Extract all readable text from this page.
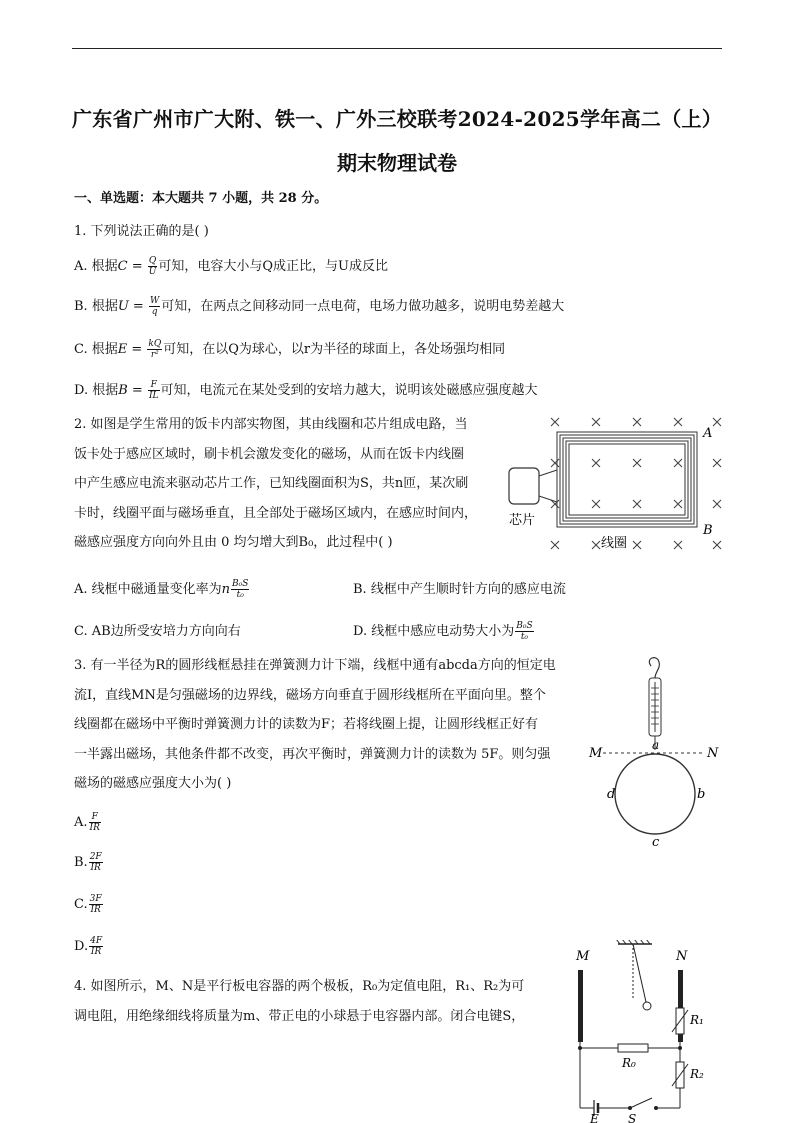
广东省广州市广大附、铁一、广外三校联考2024-2025学年高二（上）
期末物理试卷
一、单选题：本大题共 7 小题，共 28 分。
1. 下列说法正确的是( )
A. 根据$C = \frac{Q}{U}$ 可知，电容大小与Q成正比，与U成反比
B. 根据$U = \frac{W}{q}$ 可知，在两点之间移动同一点电荷，电场力做功越多，说明电势差越大
C. 根据$E = \frac{kQ}{\text{r²}}$ 可知，在以Q为球心，以r为半径的球面上，各处场强均相同
D. 根据$B = \frac{F}{IL}$ 可知，电流元在某处受到的安培力越大，说明该处磁感应强度越大
2. 如图是学生常用的饭卡内部实物图，其由线圈和芯片组成电路，当
饭卡处于感应区域时，刷卡机会激发变化的磁场，从而在饭卡内线圈
中产生感应电流来驱动芯片工作，已知线圈面积为S，共n匝，某次刷
卡时，线圈平面与磁场垂直，且全部处于磁场区域内，在感应时间内，
磁感应强度方向向外且由 0 均匀增大到B₀，此过程中( )
芯片
线圈
A
B
A. 线框中磁通量变化率为n $\frac{\text{B₀S}}{\text{t₀}}$	B. 线框中产生顺时针方向的感应电流
C. AB边所受安培力方向向右	D. 线框中感应电动势大小为 $\frac{\text{B₀S}}{\text{t₀}}$
3. 有一半径为R的圆形线框悬挂在弹簧测力计下端，线框中通有abcda方向的恒定电
流I，直线MN是匀强磁场的边界线，磁场方向垂直于圆形线框所在平面向里。整个
线圈都在磁场中平衡时弹簧测力计的读数为F；若将线圈上提，让圆形线框正好有
一半露出磁场，其他条件都不改变，再次平衡时，弹簧测力计的读数为 5F。则匀强
磁场的磁感应强度大小为( )
A. $\frac{F}{IR}$
B. $\frac{2F}{IR}$
C. $\frac{3F}{IR}$
D. $\frac{4F}{IR}$
M	N
a
b
c
d
4. 如图所示，M、N是平行板电容器的两个极板，R₀为定值电阻，R₁、R₂为可
调电阻，用绝缘细线将质量为m、带正电的小球悬于电容器内部。闭合电键S，
M	N
R₀
R₁
R₂
E S
